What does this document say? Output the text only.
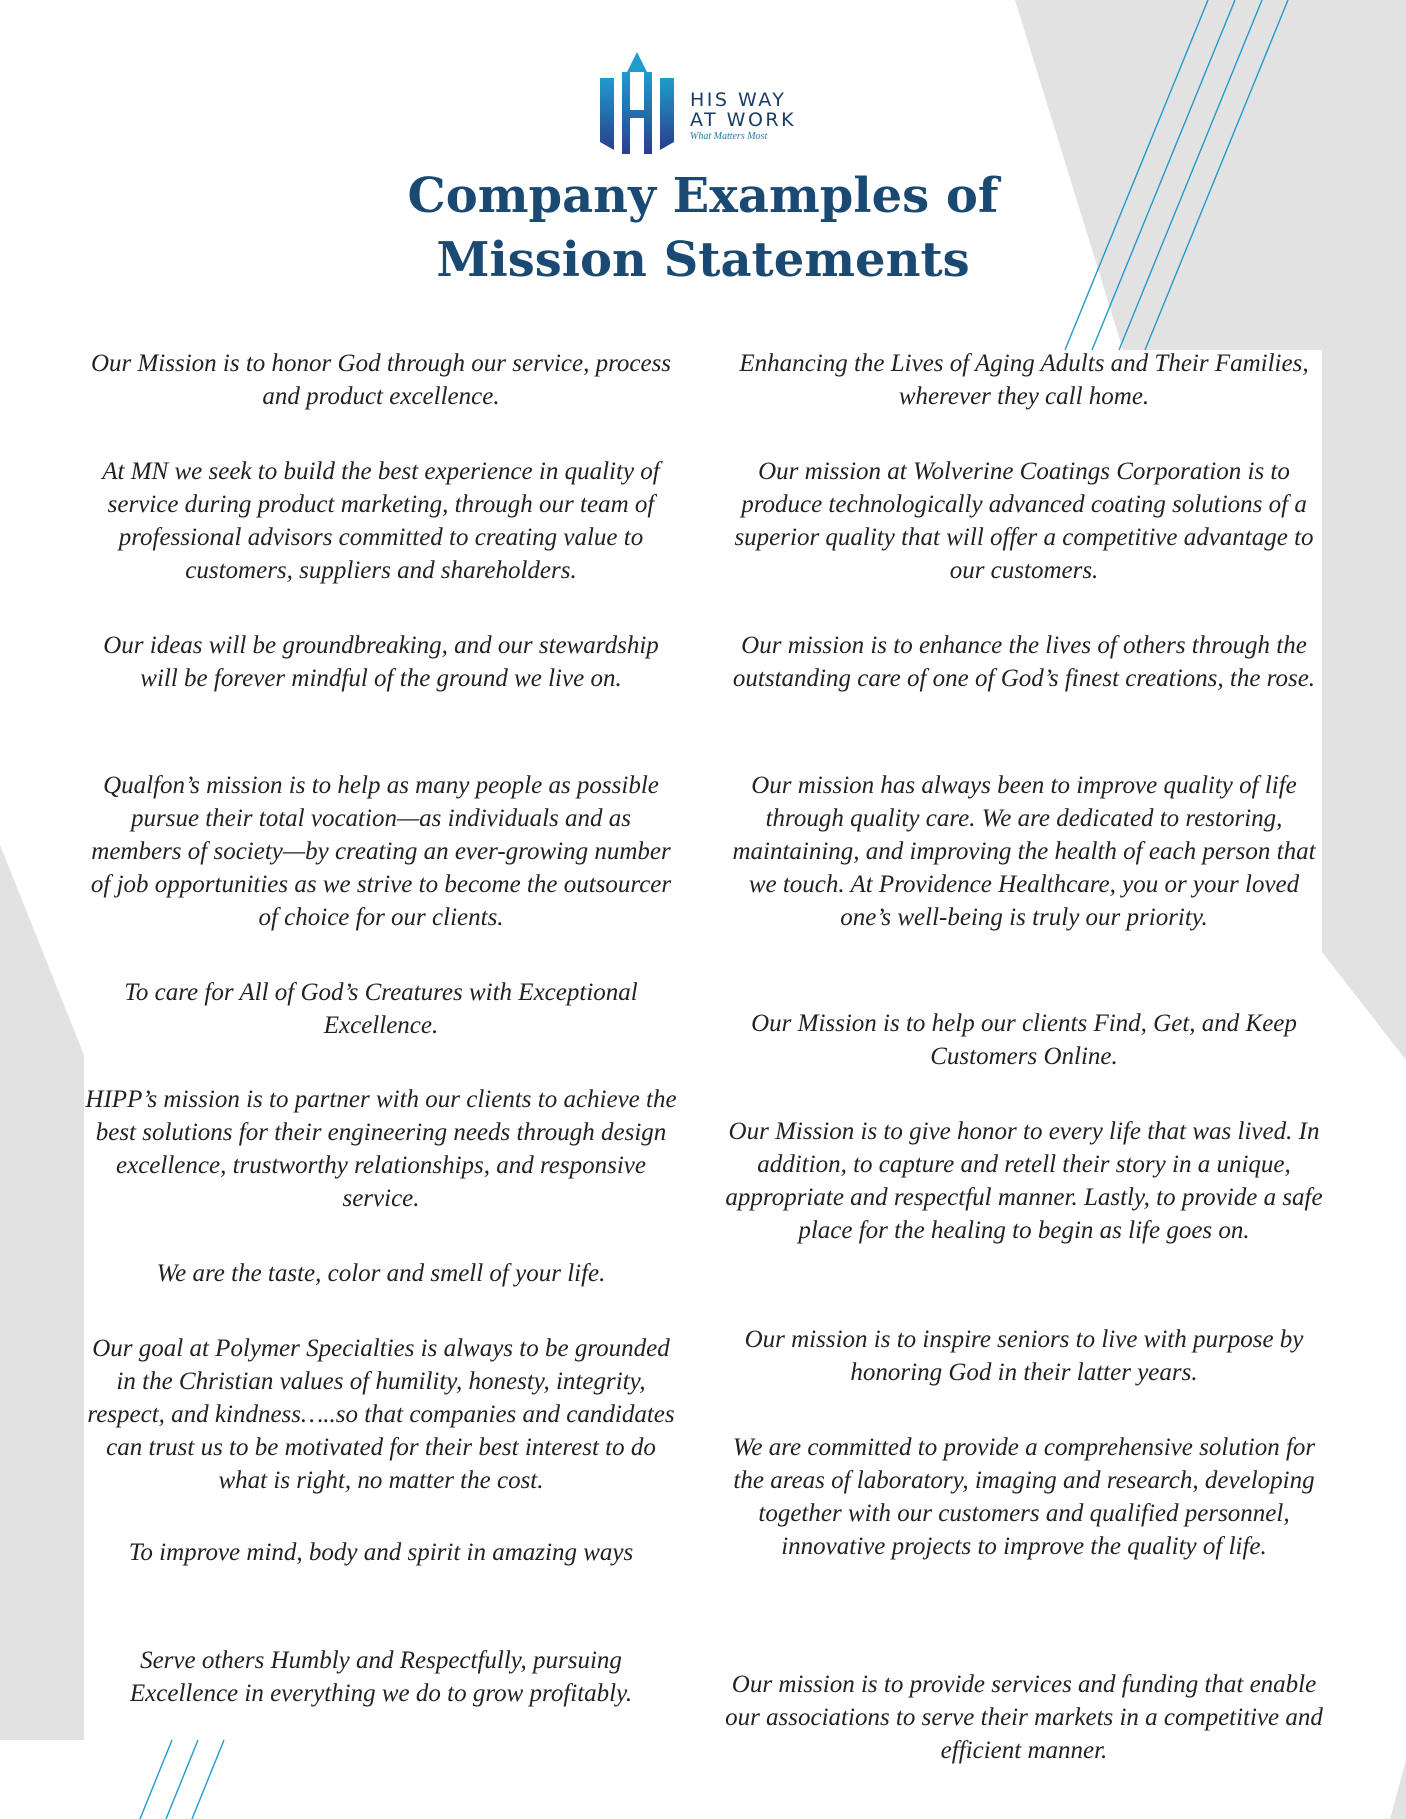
HIS WAY
AT WORK
What Matters Most
Company Examples of
Mission Statements

Our Mission is to honor God through our service, process and product excellence.

At MN we seek to build the best experience in quality of service during product marketing, through our team of professional advisors committed to creating value to customers, suppliers and shareholders.

Our ideas will be groundbreaking, and our stewardship will be forever mindful of the ground we live on.

Qualfon’s mission is to help as many people as possible pursue their total vocation—as individuals and as members of society—by creating an ever-growing number of job opportunities as we strive to become the outsourcer of choice for our clients.

To care for All of God’s Creatures with Exceptional Excellence.

HIPP’s mission is to partner with our clients to achieve the best solutions for their engineering needs through design excellence, trustworthy relationships, and responsive service.

We are the taste, color and smell of your life.

Our goal at Polymer Specialties is always to be grounded in the Christian values of humility, honesty, integrity, respect, and kindness…..so that companies and candidates can trust us to be motivated for their best interest to do what is right, no matter the cost.

To improve mind, body and spirit in amazing ways

Serve others Humbly and Respectfully, pursuing Excellence in everything we do to grow profitably.

Enhancing the Lives of Aging Adults and Their Families, wherever they call home.

Our mission at Wolverine Coatings Corporation is to produce technologically advanced coating solutions of a superior quality that will offer a competitive advantage to our customers.

Our mission is to enhance the lives of others through the outstanding care of one of God’s finest creations, the rose.

Our mission has always been to improve quality of life through quality care. We are dedicated to restoring, maintaining, and improving the health of each person that we touch. At Providence Healthcare, you or your loved one’s well-being is truly our priority.

Our Mission is to help our clients Find, Get, and Keep Customers Online.

Our Mission is to give honor to every life that was lived. In addition, to capture and retell their story in a unique, appropriate and respectful manner. Lastly, to provide a safe place for the healing to begin as life goes on.

Our mission is to inspire seniors to live with purpose by honoring God in their latter years.

We are committed to provide a comprehensive solution for the areas of laboratory, imaging and research, developing together with our customers and qualified personnel, innovative projects to improve the quality of life.

Our mission is to provide services and funding that enable our associations to serve their markets in a competitive and efficient manner.
